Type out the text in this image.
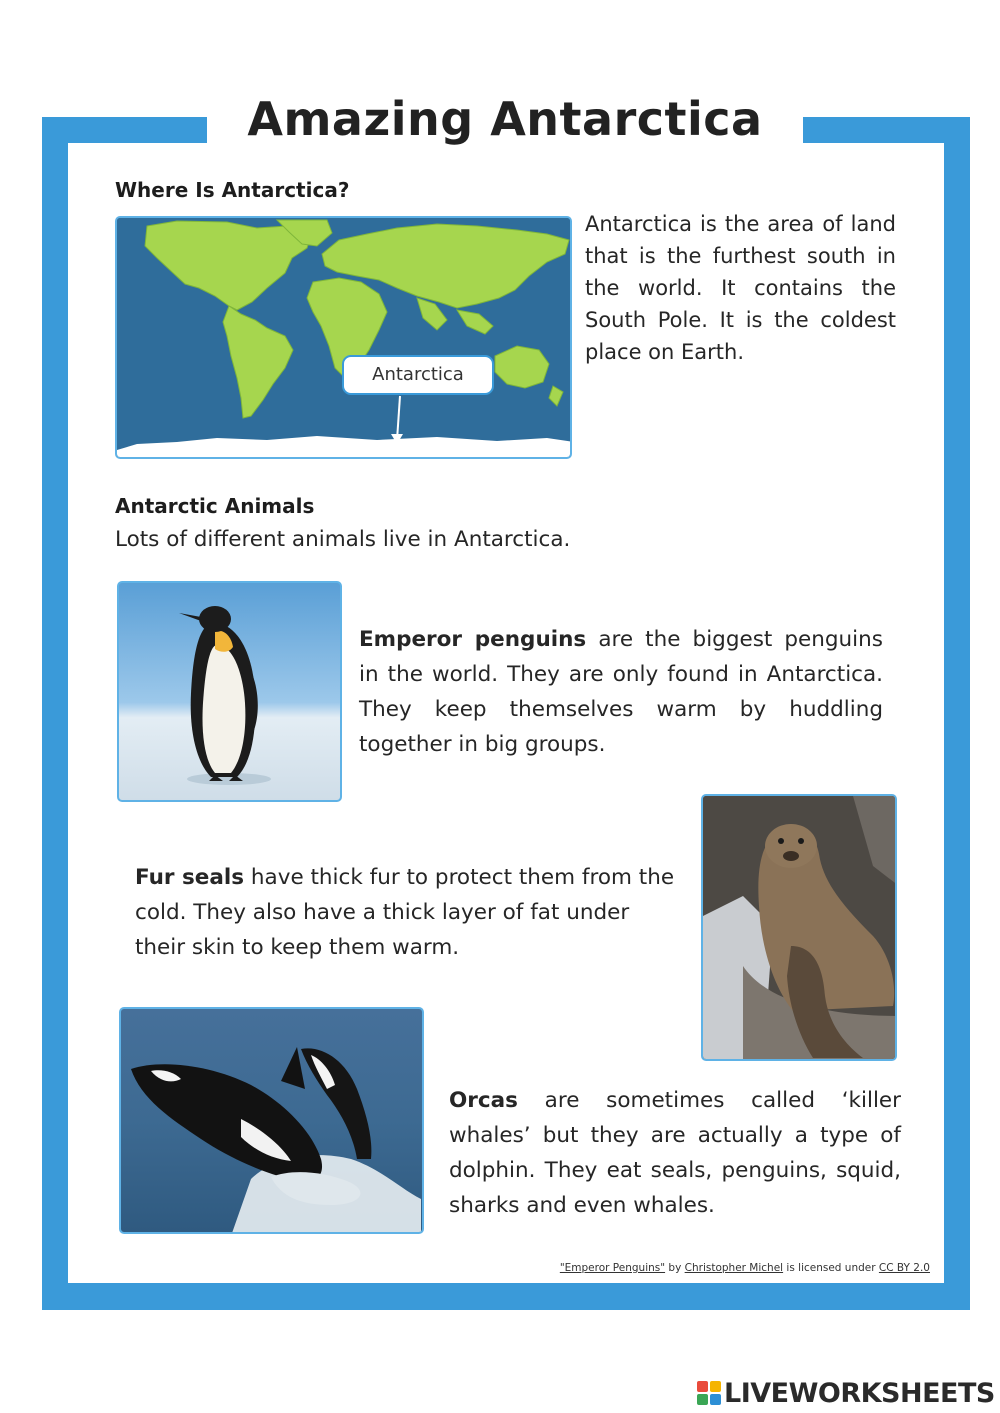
Amazing Antarctica
Where Is Antarctica?
Antarctica
Antarctica is the area of land that is the furthest south in the world. It contains the South Pole. It is the coldest place on Earth.
Antarctic Animals
Lots of different animals live in Antarctica.
Emperor penguins are the biggest penguins in the world. They are only found in Antarctica. They keep themselves warm by huddling together in big groups.
Fur seals have thick fur to protect them from the cold. They also have a thick layer of fat under their skin to keep them warm.
Orcas are sometimes called ‘killer whales’ but they are actually a type of dolphin. They eat seals, penguins, squid, sharks and even whales.
"Emperor Penguins" by Christopher Michel is licensed under CC BY 2.0
LIVEWORKSHEETS
